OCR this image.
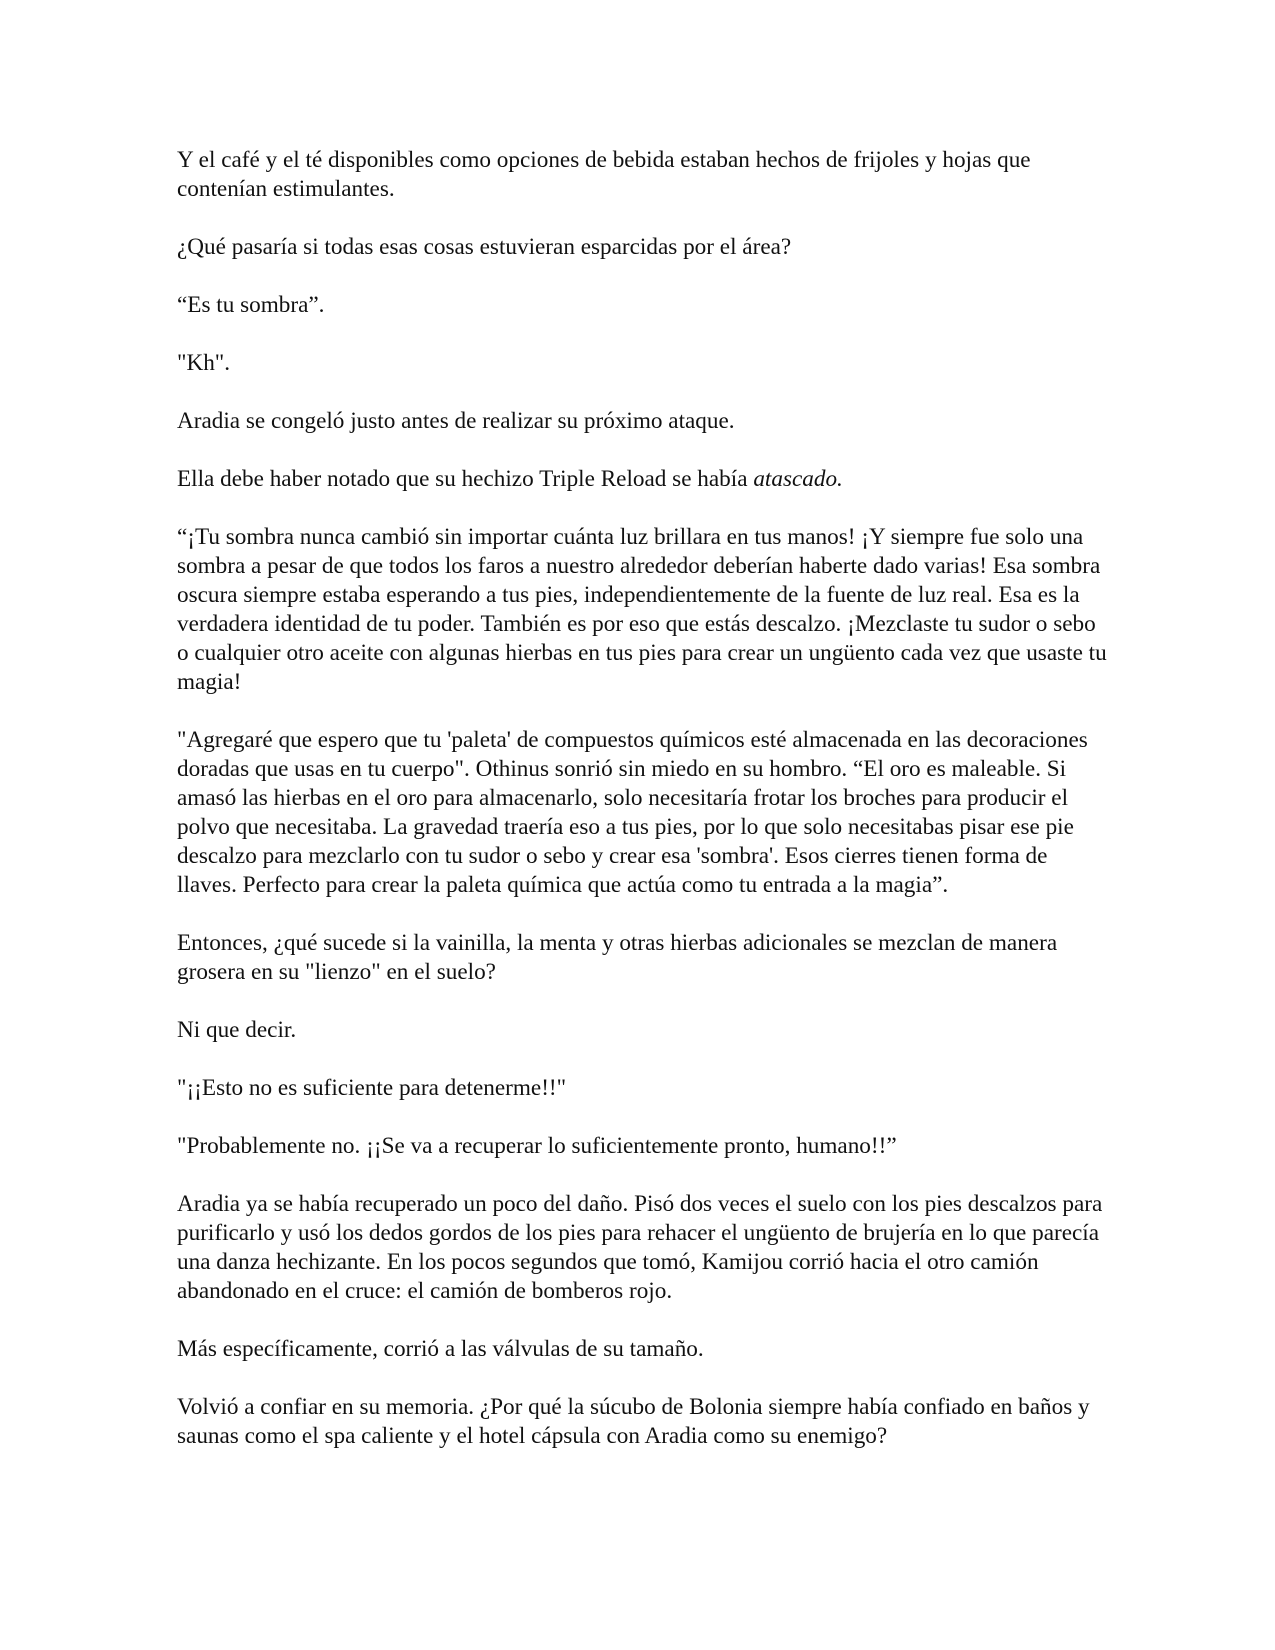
Y el café y el té disponibles como opciones de bebida estaban hechos de frijoles y hojas que contenían estimulantes.

¿Qué pasaría si todas esas cosas estuvieran esparcidas por el área?

“Es tu sombra”.

"Kh".

Aradia se congeló justo antes de realizar su próximo ataque.

Ella debe haber notado que su hechizo Triple Reload se había atascado.

“¡Tu sombra nunca cambió sin importar cuánta luz brillara en tus manos! ¡Y siempre fue solo una sombra a pesar de que todos los faros a nuestro alrededor deberían haberte dado varias! Esa sombra oscura siempre estaba esperando a tus pies, independientemente de la fuente de luz real. Esa es la verdadera identidad de tu poder. También es por eso que estás descalzo. ¡Mezclaste tu sudor o sebo o cualquier otro aceite con algunas hierbas en tus pies para crear un ungüento cada vez que usaste tu magia!

"Agregaré que espero que tu 'paleta' de compuestos químicos esté almacenada en las decoraciones doradas que usas en tu cuerpo". Othinus sonrió sin miedo en su hombro. “El oro es maleable. Si amasó las hierbas en el oro para almacenarlo, solo necesitaría frotar los broches para producir el polvo que necesitaba. La gravedad traería eso a tus pies, por lo que solo necesitabas pisar ese pie descalzo para mezclarlo con tu sudor o sebo y crear esa 'sombra'. Esos cierres tienen forma de llaves. Perfecto para crear la paleta química que actúa como tu entrada a la magia”.

Entonces, ¿qué sucede si la vainilla, la menta y otras hierbas adicionales se mezclan de manera grosera en su "lienzo" en el suelo?

Ni que decir.

"¡¡Esto no es suficiente para detenerme!!"

"Probablemente no. ¡¡Se va a recuperar lo suficientemente pronto, humano!!”

Aradia ya se había recuperado un poco del daño. Pisó dos veces el suelo con los pies descalzos para purificarlo y usó los dedos gordos de los pies para rehacer el ungüento de brujería en lo que parecía una danza hechizante. En los pocos segundos que tomó, Kamijou corrió hacia el otro camión abandonado en el cruce: el camión de bomberos rojo.

Más específicamente, corrió a las válvulas de su tamaño.

Volvió a confiar en su memoria. ¿Por qué la súcubo de Bolonia siempre había confiado en baños y saunas como el spa caliente y el hotel cápsula con Aradia como su enemigo?
